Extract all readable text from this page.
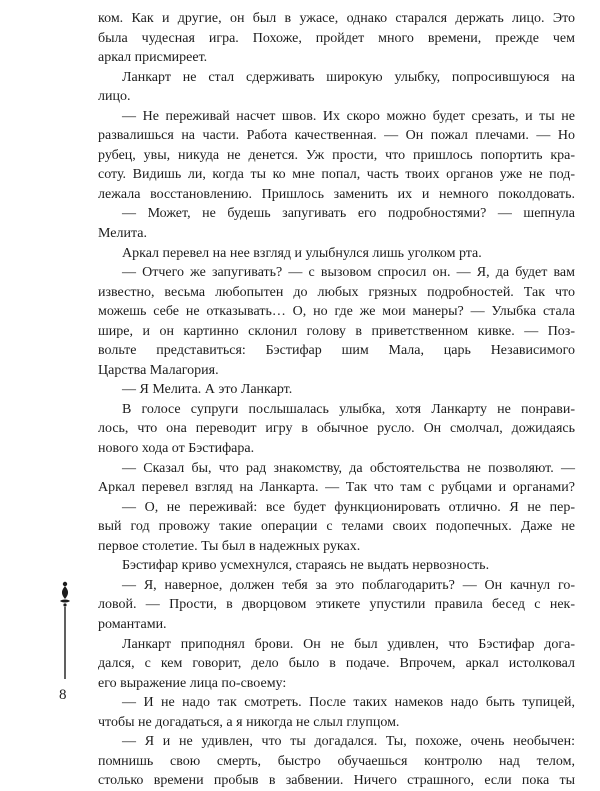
ком. Как и другие, он был в ужасе, однако старался держать лицо. Это
была чудесная игра. Похоже, пройдет много времени, прежде чем
аркал присмиреет.
Ланкарт не стал сдерживать широкую улыбку, попросившуюся на
лицо.
— Не переживай насчет швов. Их скоро можно будет срезать, и ты не
развалишься на части. Работа качественная. — Он пожал плечами. — Но
рубец, увы, никуда не денется. Уж прости, что пришлось попортить кра-
соту. Видишь ли, когда ты ко мне попал, часть твоих органов уже не под-
лежала восстановлению. Пришлось заменить их и немного поколдовать.
— Может, не будешь запугивать его подробностями? — шепнула
Мелита.
Аркал перевел на нее взгляд и улыбнулся лишь уголком рта.
— Отчего же запугивать? — с вызовом спросил он. — Я, да будет вам
известно, весьма любопытен до любых грязных подробностей. Так что
можешь себе не отказывать… О, но где же мои манеры? — Улыбка стала
шире, и он картинно склонил голову в приветственном кивке. — Поз-
вольте представиться: Бэстифар шим Мала, царь Независимого
Царства Малагория.
— Я Мелита. А это Ланкарт.
В голосе супруги послышалась улыбка, хотя Ланкарту не понрави-
лось, что она переводит игру в обычное русло. Он смолчал, дожидаясь
нового хода от Бэстифара.
— Сказал бы, что рад знакомству, да обстоятельства не позволяют. —
Аркал перевел взгляд на Ланкарта. — Так что там с рубцами и органами?
— О, не переживай: все будет функционировать отлично. Я не пер-
вый год провожу такие операции с телами своих подопечных. Даже не
первое столетие. Ты был в надежных руках.
Бэстифар криво усмехнулся, стараясь не выдать нервозность.
— Я, наверное, должен тебя за это поблагодарить? — Он качнул го-
ловой. — Прости, в дворцовом этикете упустили правила бесед с нек-
романтами.
Ланкарт приподнял брови. Он не был удивлен, что Бэстифар дога-
дался, с кем говорит, дело было в подаче. Впрочем, аркал истолковал
его выражение лица по-своему:
— И не надо так смотреть. После таких намеков надо быть тупицей,
чтобы не догадаться, а я никогда не слыл глупцом.
— Я и не удивлен, что ты догадался. Ты, похоже, очень необычен:
помнишь свою смерть, быстро обучаешься контролю над телом,
столько времени пробыв в забвении. Ничего страшного, если пока ты
8
